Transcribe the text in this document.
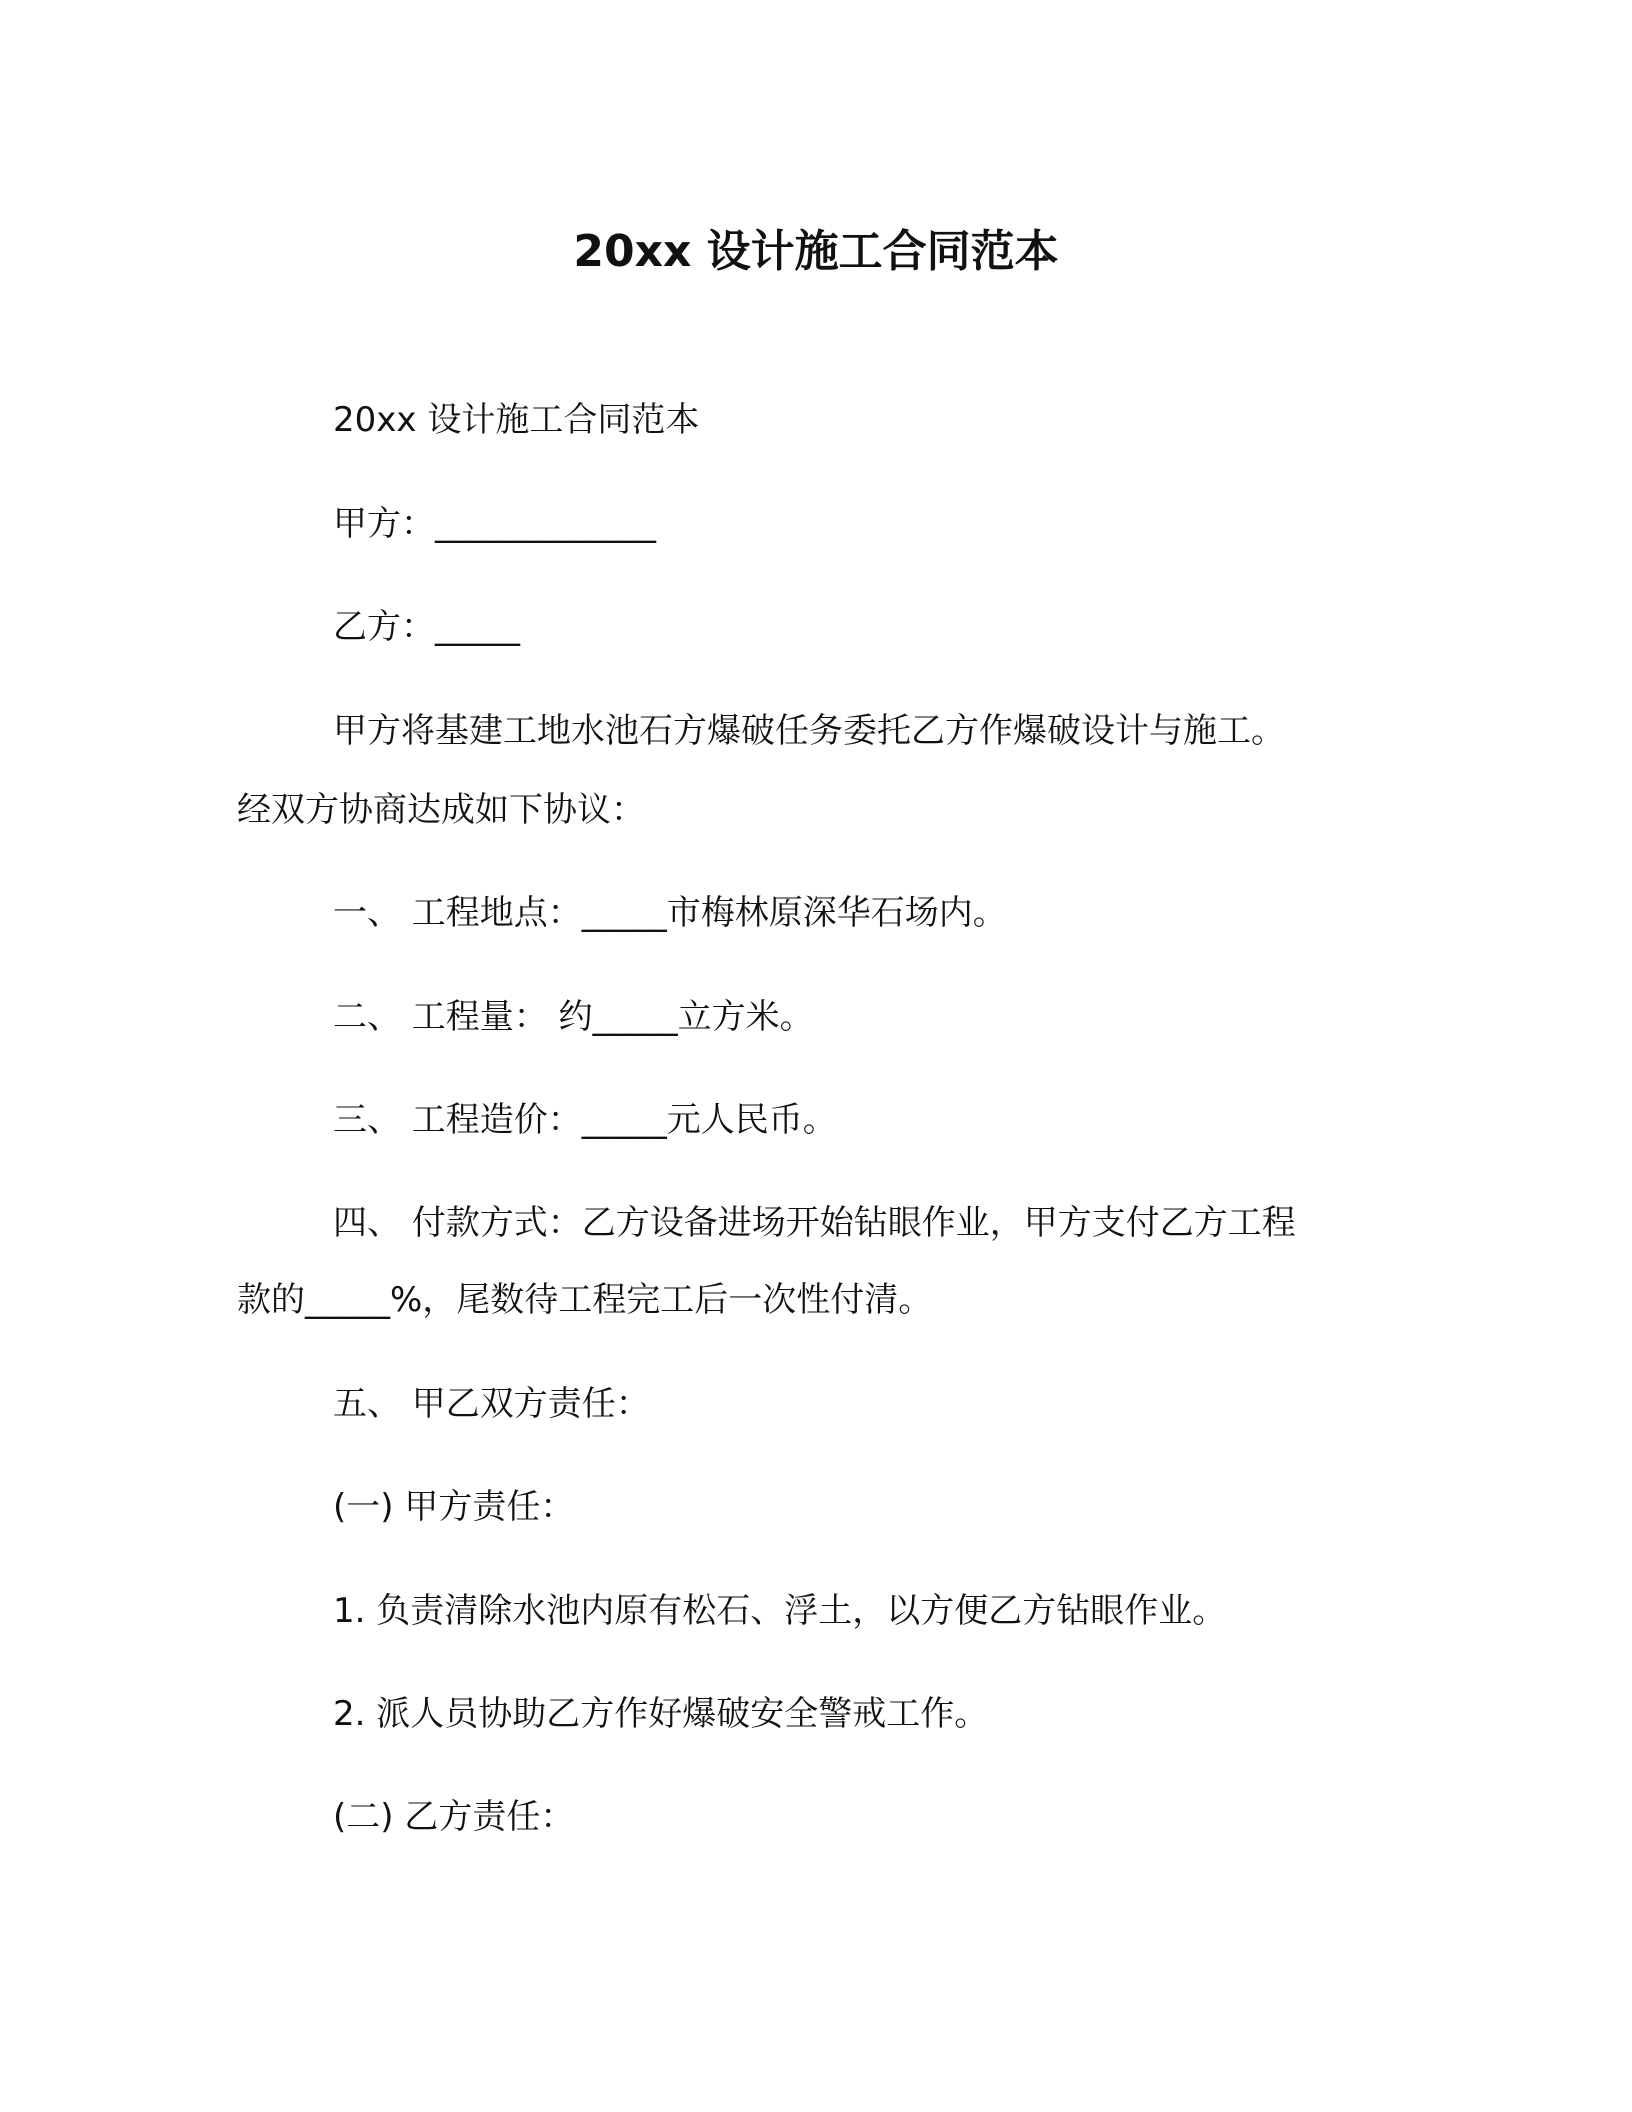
20xx 设计施工合同范本

20xx 设计施工合同范本

甲方：_____________

乙方：_____

甲方将基建工地水池石方爆破任务委托乙方作爆破设计与施工。

经双方协商达成如下协议：

一、 工程地点：_____市梅林原深华石场内。

二、 工程量： 约_____立方米。

三、 工程造价：_____元人民币。

四、 付款方式：乙方设备进场开始钻眼作业，甲方支付乙方工程

款的_____%，尾数待工程完工后一次性付清。

五、 甲乙双方责任：

(一) 甲方责任：

1. 负责清除水池内原有松石、浮土，以方便乙方钻眼作业。

2. 派人员协助乙方作好爆破安全警戒工作。

(二) 乙方责任：
